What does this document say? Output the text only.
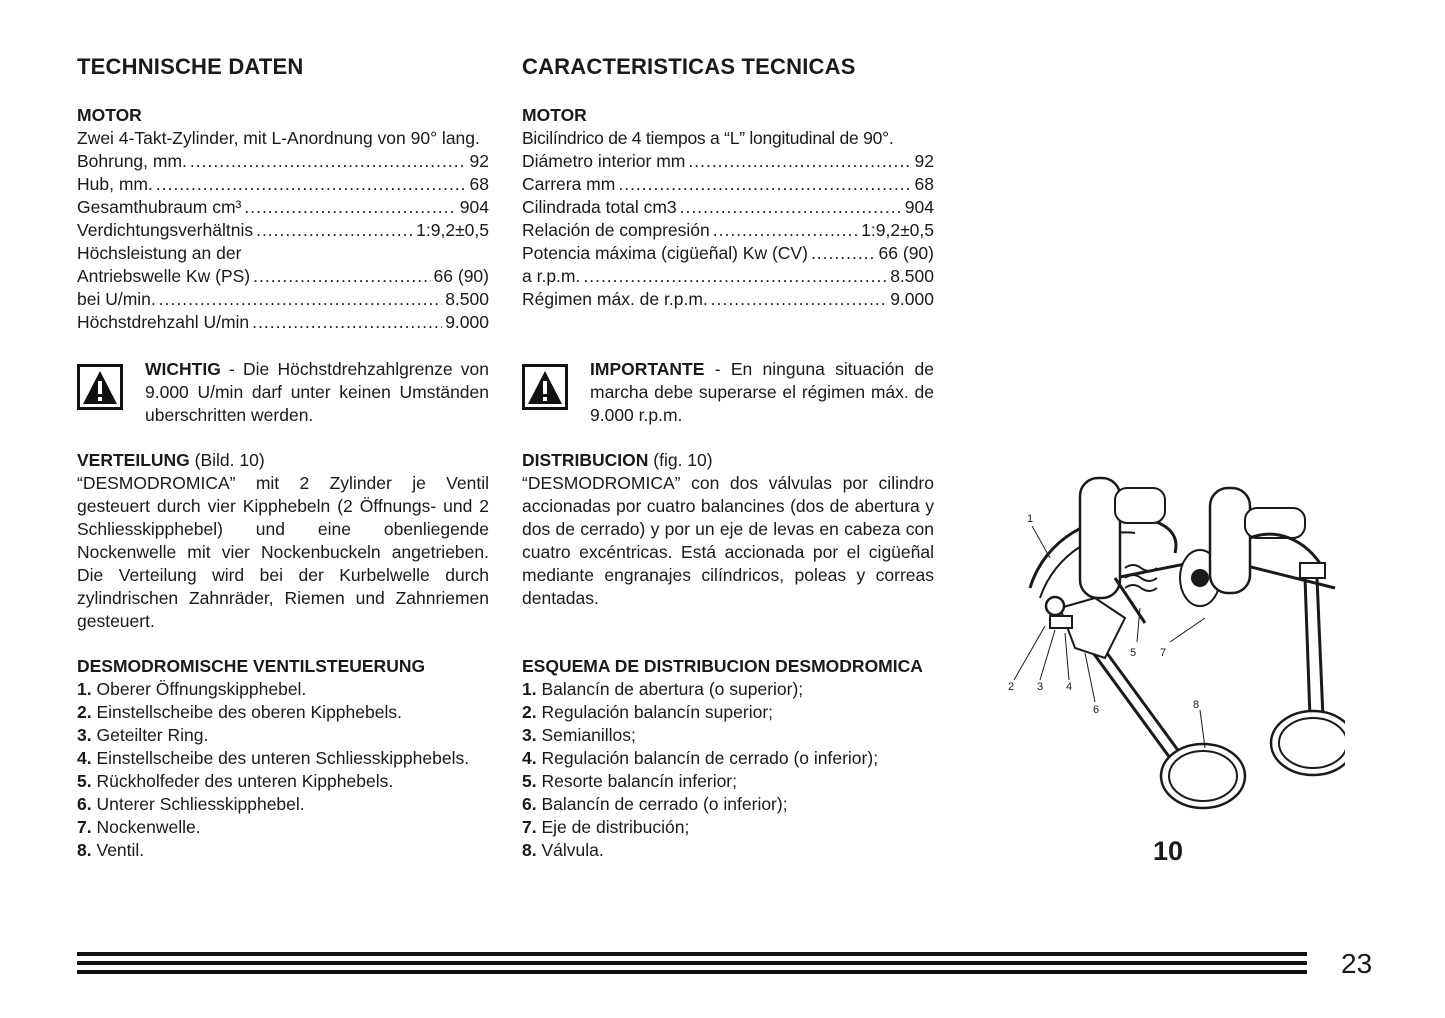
TECHNISCHE DATEN
MOTOR
Zwei 4-Takt-Zylinder, mit L-Anordnung von 90° lang.
Bohrung, mm. .....	92
Hub, mm. .....	68
Gesamthubraum cm³ .....	904
Verdichtungsverhältnis .....	1:9,2±0,5
Höchsleistung an der
Antriebswelle Kw (PS) .....	66 (90)
bei U/min. .....	8.500
Höchstdrehzahl U/min .....	9.000
WICHTIG - Die Höchstdrehzahlgrenze von 9.000 U/min darf unter keinen Umständen uberschritten werden.
VERTEILUNG (Bild. 10)
“DESMODROMICA” mit 2 Zylinder je Ventil gesteuert durch vier Kipphebeln (2 Öffnungs- und 2 Schliesskipphebel) und eine obenliegende Nockenwelle mit vier Nockenbuckeln angetrieben. Die Verteilung wird bei der Kurbelwelle durch zylindrischen Zahnräder, Riemen und Zahnriemen gesteuert.
DESMODROMISCHE VENTILSTEUERUNG
1. Oberer Öffnungskipphebel.
2. Einstellscheibe des oberen Kipphebels.
3. Geteilter Ring.
4. Einstellscheibe des unteren Schliesskipphebels.
5. Rückholfeder des unteren Kipphebels.
6. Unterer Schliesskipphebel.
7. Nockenwelle.
8. Ventil.
CARACTERISTICAS TECNICAS
MOTOR
Bicilíndrico de 4 tiempos a “L” longitudinal de 90°.
Diámetro interior mm .....	92
Carrera mm .....	68
Cilindrada total cm3 .....	904
Relación de compresión .....	1:9,2±0,5
Potencia máxima (cigüeñal) Kw (CV) .....	66 (90)
a r.p.m. .....	8.500
Régimen máx. de r.p.m. .....	9.000
IMPORTANTE - En ninguna situación de marcha debe superarse el régimen máx. de 9.000 r.p.m.
DISTRIBUCION (fig. 10)
“DESMODROMICA” con dos válvulas por cilindro accionadas por cuatro balancines (dos de abertura y dos de cerrado) y por un eje de levas en cabeza con cuatro excéntricas. Está accionada por el cigüeñal mediante engranajes cilíndricos, poleas y correas dentadas.
ESQUEMA DE DISTRIBUCION DESMODROMICA
1. Balancín de abertura (o superior);
2. Regulación balancín superior;
3. Semianillos;
4. Regulación balancín de cerrado (o inferior);
5. Resorte balancín inferior;
6. Balancín de cerrado (o inferior);
7. Eje de distribución;
8. Válvula.
1
2 3 4
5
6
7
8
10
23
